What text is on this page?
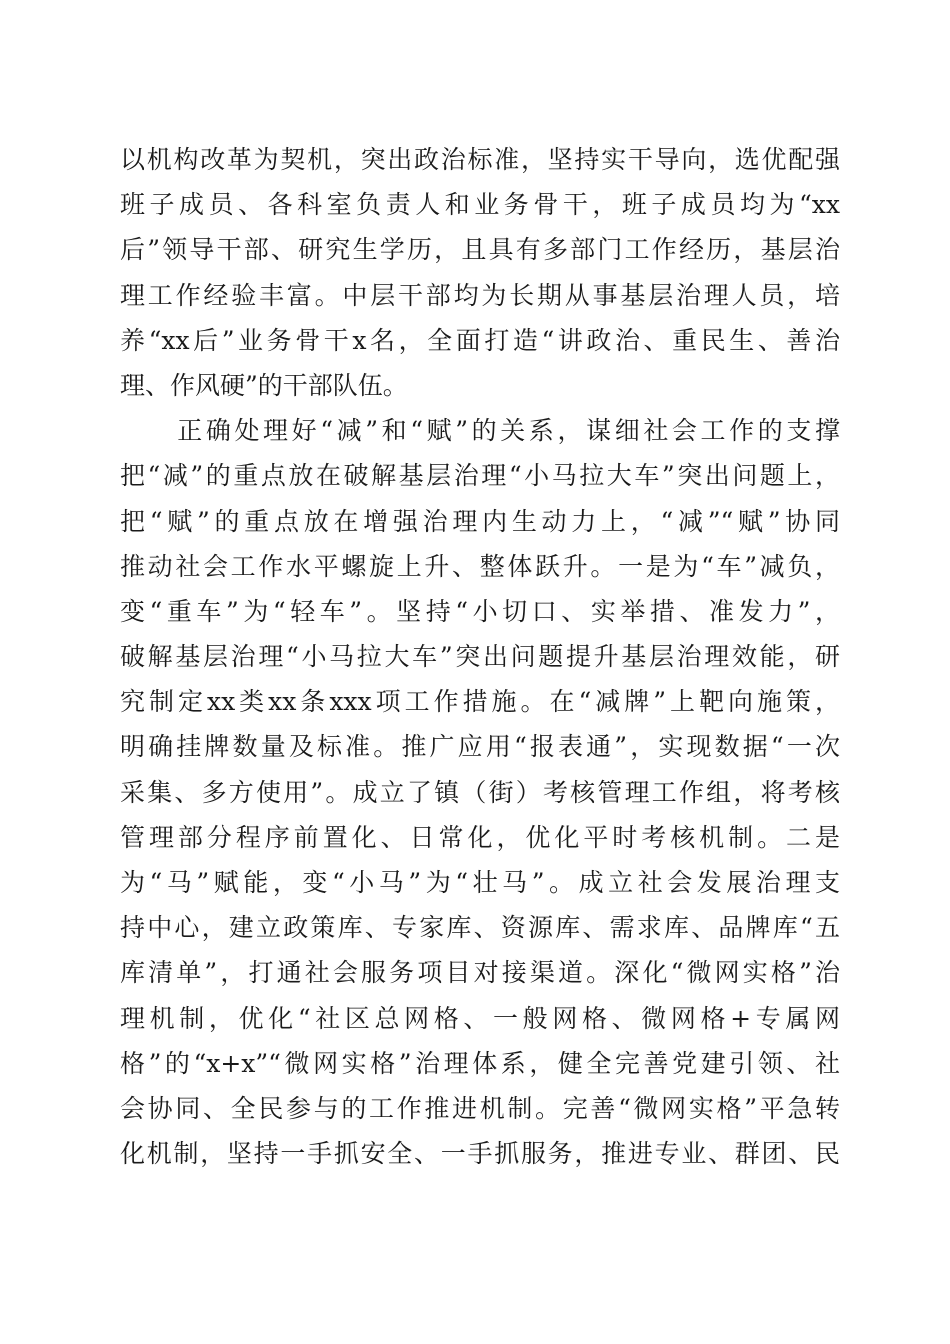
以机构改革为契机，突出政治标准，坚持实干导向，选优配强
班子成员、各科室负责人和业务骨干，班子成员均为“xx
后”领导干部、研究生学历，且具有多部门工作经历，基层治
理工作经验丰富。中层干部均为长期从事基层治理人员，培
养“xx后”业务骨干x名，全面打造“讲政治、重民生、善治
理、作风硬”的干部队伍。
　　正确处理好“减”和“赋”的关系，谋细社会工作的支撑
把“减”的重点放在破解基层治理“小马拉大车”突出问题上，
把“赋”的重点放在增强治理内生动力上，“减”“赋”协同
推动社会工作水平螺旋上升、整体跃升。一是为“车”减负，
变“重车”为“轻车”。坚持“小切口、实举措、准发力”，
破解基层治理“小马拉大车”突出问题提升基层治理效能，研
究制定xx类xx条xxx项工作措施。在“减牌”上靶向施策，
明确挂牌数量及标准。推广应用“报表通”，实现数据“一次
采集、多方使用”。成立了镇（街）考核管理工作组，将考核
管理部分程序前置化、日常化，优化平时考核机制。二是
为“马”赋能，变“小马”为“壮马”。成立社会发展治理支
持中心，建立政策库、专家库、资源库、需求库、品牌库“五
库清单”，打通社会服务项目对接渠道。深化“微网实格”治
理机制，优化“社区总网格、一般网格、微网格+专属网
格”的“x+x”“微网实格”治理体系，健全完善党建引领、社
会协同、全民参与的工作推进机制。完善“微网实格”平急转
化机制，坚持一手抓安全、一手抓服务，推进专业、群团、民
